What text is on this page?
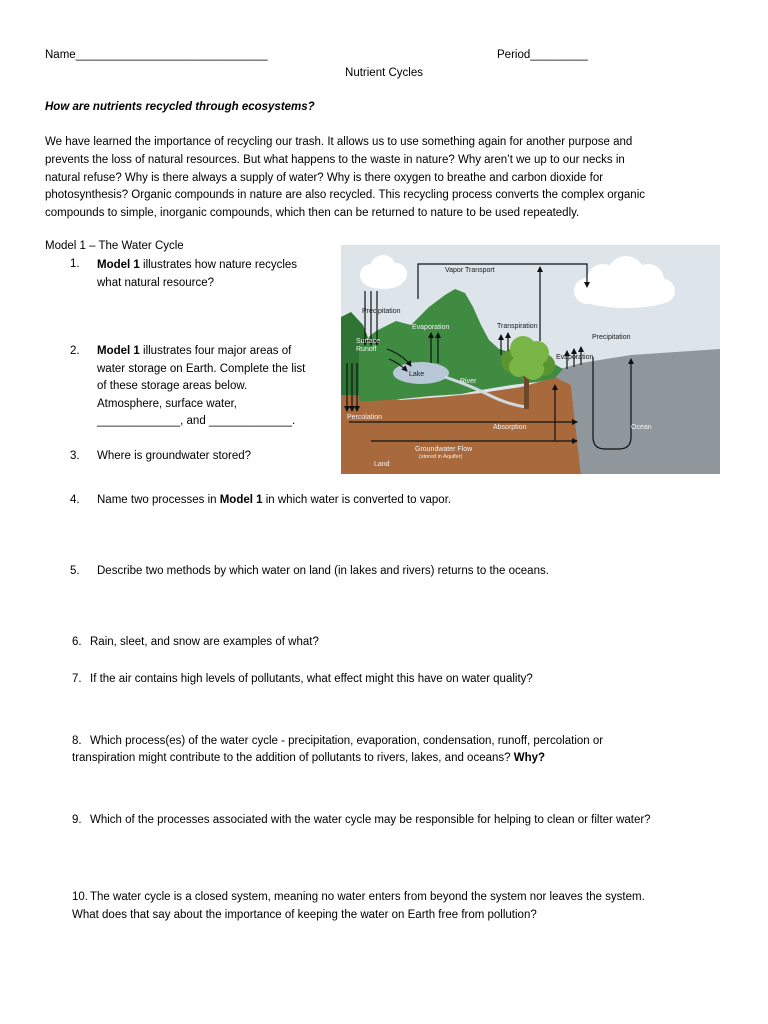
Name______________________________	Period_________
Nutrient Cycles
How are nutrients recycled through ecosystems?
We have learned the importance of recycling our trash. It allows us to use something again for another purpose and
prevents the loss of natural resources. But what happens to the waste in nature? Why aren’t we up to our necks in
natural refuse? Why is there always a supply of water? Why is there oxygen to breathe and carbon dioxide for
photosynthesis? Organic compounds in nature are also recycled. This recycling process converts the complex organic
compounds to simple, inorganic compounds, which then can be returned to nature to be used repeatedly.
Model 1 – The Water Cycle
1. Model 1 illustrates how nature recycles
what natural resource?
2. Model 1 illustrates four major areas of
water storage on Earth. Complete the list
of these storage areas below.
Atmosphere, surface water,
_____________, and _____________.
3. Where is groundwater stored?
4. Name two processes in Model 1 in which water is converted to vapor.
5. Describe two methods by which water on land (in lakes and rivers) returns to the oceans.
6. Rain, sleet, and snow are examples of what?
7. If the air contains high levels of pollutants, what effect might this have on water quality?
8. Which process(es) of the water cycle - precipitation, evaporation, condensation, runoff, percolation or
transpiration might contribute to the addition of pollutants to rivers, lakes, and oceans? Why?
9. Which of the processes associated with the water cycle may be responsible for helping to clean or filter water?
10. The water cycle is a closed system, meaning no water enters from beyond the system nor leaves the system.
What does that say about the importance of keeping the water on Earth free from pollution?
Vapor Transport
Precipitation
Evaporation	Transpiration
Precipitation
Surface
Runoff
Evaporation
Lake
River
Percolation
Absorption	Ocean
Groundwater Flow
(stored in Aquifer)
Land
